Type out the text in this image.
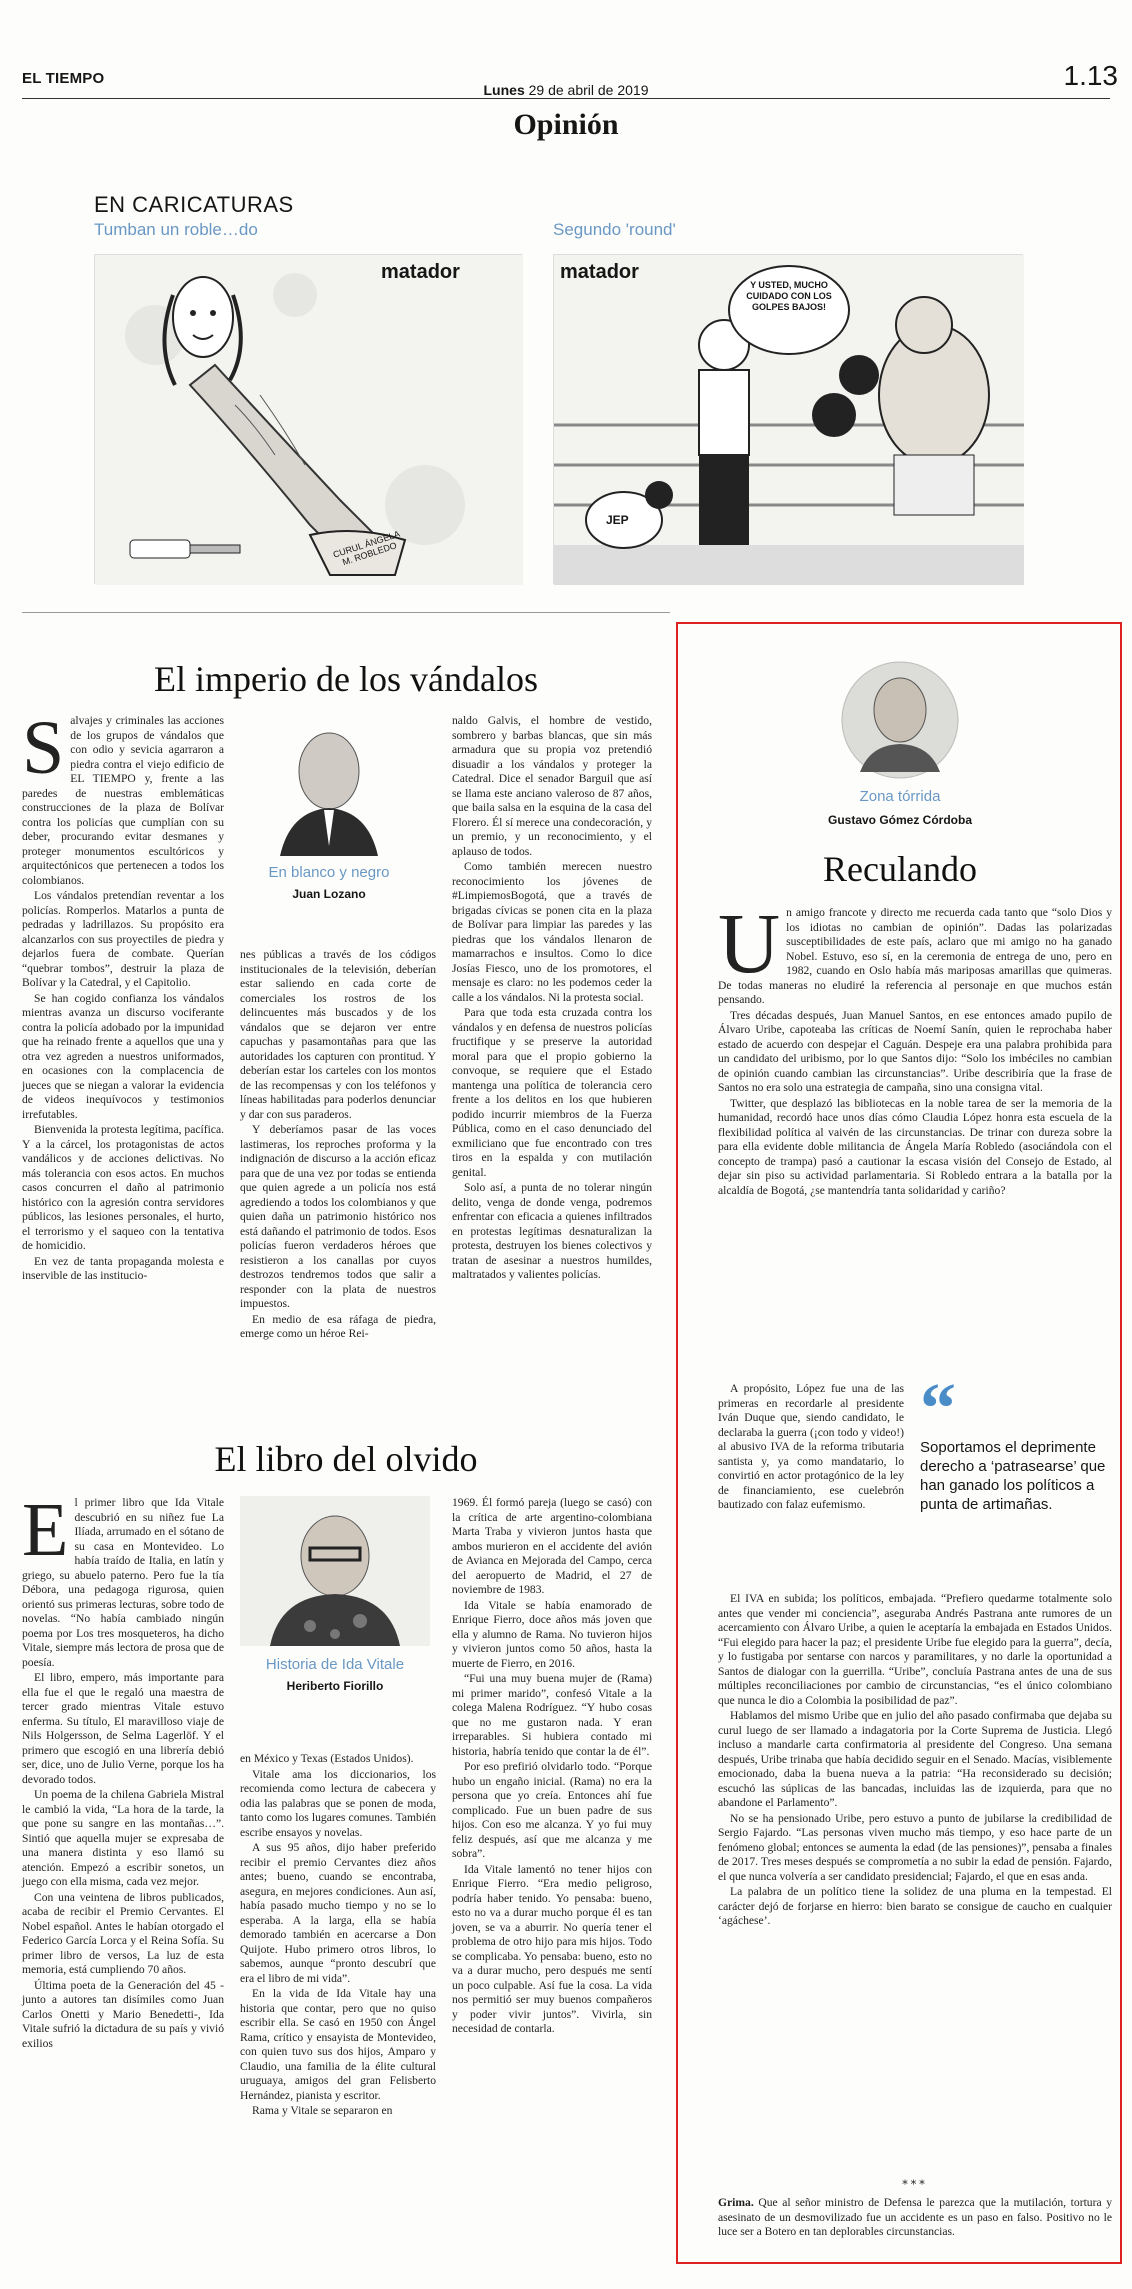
EL TIEMPO	1.13
Lunes 29 de abril de 2019
Opinión
EN CARICATURAS
Tumban un roble…do	Segundo 'round'
matador
CURUL ÁNGELA M. ROBLEDO
matador
Y USTED, MUCHO CUIDADO CON LOS GOLPES BAJOS!
JEP
El imperio de los vándalos

Salvajes y criminales las acciones de los grupos de vándalos que con odio y sevicia agarraron a piedra contra el viejo edificio de EL TIEMPO y, frente a las paredes de nuestras emblemáticas construcciones de la plaza de Bolívar contra los policías que cumplían con su deber, procurando evitar desmanes y proteger monumentos escultóricos y arquitectónicos que pertenecen a todos los colombianos.

Los vándalos pretendían reventar a los policías. Romperlos. Matarlos a punta de pedradas y ladrillazos. Su propósito era alcanzarlos con sus proyectiles de piedra y dejarlos fuera de combate. Querían “quebrar tombos”, destruir la plaza de Bolívar y la Catedral, y el Capitolio.

Se han cogido confianza los vándalos mientras avanza un discurso vociferante contra la policía adobado por la impunidad que ha reinado frente a aquellos que una y otra vez agreden a nuestros uniformados, en ocasiones con la complacencia de jueces que se niegan a valorar la evidencia de videos inequívocos y testimonios irrefutables.

Bienvenida la protesta legítima, pacífica. Y a la cárcel, los protagonistas de actos vandálicos y de acciones delictivas. No más tolerancia con esos actos. En muchos casos concurren el daño al patrimonio histórico con la agresión contra servidores públicos, las lesiones personales, el hurto, el terrorismo y el saqueo con la tentativa de homicidio.

En vez de tanta propaganda molesta e inservible de las institucio-

En blanco y negro
Juan Lozano

nes públicas a través de los códigos institucionales de la televisión, deberían estar saliendo en cada corte de comerciales los rostros de los delincuentes más buscados y de los vándalos que se dejaron ver entre capuchas y pasamontañas para que las autoridades los capturen con prontitud. Y deberían estar los carteles con los montos de las recompensas y con los teléfonos y líneas habilitadas para poderlos denunciar y dar con sus paraderos.

Y deberíamos pasar de las voces lastimeras, los reproches proforma y la indignación de discurso a la acción eficaz para que de una vez por todas se entienda que quien agrede a un policía nos está agrediendo a todos los colombianos y que quien daña un patrimonio histórico nos está dañando el patrimonio de todos. Esos policías fueron verdaderos héroes que resistieron a los canallas por cuyos destrozos tendremos todos que salir a responder con la plata de nuestros impuestos.

En medio de esa ráfaga de piedra, emerge como un héroe Rei-

naldo Galvis, el hombre de vestido, sombrero y barbas blancas, que sin más armadura que su propia voz pretendió disuadir a los vándalos y proteger la Catedral. Dice el senador Barguil que así se llama este anciano valeroso de 87 años, que baila salsa en la esquina de la casa del Florero. Él sí merece una condecoración, y un premio, y un reconocimiento, y el aplauso de todos.

Como también merecen nuestro reconocimiento los jóvenes de #LimpiemosBogotá, que a través de brigadas cívicas se ponen cita en la plaza de Bolívar para limpiar las paredes y las piedras que los vándalos llenaron de mamarrachos e insultos. Como lo dice Josías Fiesco, uno de los promotores, el mensaje es claro: no les podemos ceder la calle a los vándalos. Ni la protesta social.

Para que toda esta cruzada contra los vándalos y en defensa de nuestros policías fructifique y se preserve la autoridad moral para que el propio gobierno la convoque, se requiere que el Estado mantenga una política de tolerancia cero frente a los delitos en los que hubieren podido incurrir miembros de la Fuerza Pública, como en el caso denunciado del exmiliciano que fue encontrado con tres tiros en la espalda y con mutilación genital.

Solo así, a punta de no tolerar ningún delito, venga de donde venga, podremos enfrentar con eficacia a quienes infiltrados en protestas legítimas desnaturalizan la protesta, destruyen los bienes colectivos y tratan de asesinar a nuestros humildes, maltratados y valientes policías.

El libro del olvido

El primer libro que Ida Vitale descubrió en su niñez fue La Ilíada, arrumado en el sótano de su casa en Montevideo. Lo había traído de Italia, en latín y griego, su abuelo paterno. Pero fue la tía Débora, una pedagoga rigurosa, quien orientó sus primeras lecturas, sobre todo de novelas. “No había cambiado ningún poema por Los tres mosqueteros, ha dicho Vitale, siempre más lectora de prosa que de poesía.

El libro, empero, más importante para ella fue el que le regaló una maestra de tercer grado mientras Vitale estuvo enferma. Su título, El maravilloso viaje de Nils Holgersson, de Selma Lagerlöf. Y el primero que escogió en una librería debió ser, dice, uno de Julio Verne, porque los ha devorado todos.

Un poema de la chilena Gabriela Mistral le cambió la vida, “La hora de la tarde, la que pone su sangre en las montañas…”. Sintió que aquella mujer se expresaba de una manera distinta y eso llamó su atención. Empezó a escribir sonetos, un juego con ella misma, cada vez mejor.

Con una veintena de libros publicados, acaba de recibir el Premio Cervantes. El Nobel español. Antes le habían otorgado el Federico García Lorca y el Reina Sofía. Su primer libro de versos, La luz de esta memoria, está cumpliendo 70 años.

Última poeta de la Generación del 45 -junto a autores tan disímiles como Juan Carlos Onetti y Mario Benedetti-, Ida Vitale sufrió la dictadura de su país y vivió exilios

Historia de Ida Vitale
Heriberto Fiorillo

en México y Texas (Estados Unidos).

Vitale ama los diccionarios, los recomienda como lectura de cabecera y odia las palabras que se ponen de moda, tanto como los lugares comunes. También escribe ensayos y novelas.

A sus 95 años, dijo haber preferido recibir el premio Cervantes diez años antes; bueno, cuando se encontraba, asegura, en mejores condiciones. Aun así, había pasado mucho tiempo y no se lo esperaba. A la larga, ella se había demorado también en acercarse a Don Quijote. Hubo primero otros libros, lo sabemos, aunque “pronto descubrí que era el libro de mi vida”.

En la vida de Ida Vitale hay una historia que contar, pero que no quiso escribir ella. Se casó en 1950 con Ángel Rama, crítico y ensayista de Montevideo, con quien tuvo sus dos hijos, Amparo y Claudio, una familia de la élite cultural uruguaya, amigos del gran Felisberto Hernández, pianista y escritor.

Rama y Vitale se separaron en

1969. Él formó pareja (luego se casó) con la crítica de arte argentino-colombiana Marta Traba y vivieron juntos hasta que ambos murieron en el accidente del avión de Avianca en Mejorada del Campo, cerca del aeropuerto de Madrid, el 27 de noviembre de 1983.

Ida Vitale se había enamorado de Enrique Fierro, doce años más joven que ella y alumno de Rama. No tuvieron hijos y vivieron juntos como 50 años, hasta la muerte de Fierro, en 2016.

“Fui una muy buena mujer de (Rama) mi primer marido”, confesó Vitale a la colega Malena Rodríguez. “Y hubo cosas que no me gustaron nada. Y eran irreparables. Si hubiera contado mi historia, habría tenido que contar la de él”.

Por eso prefirió olvidarlo todo. “Porque hubo un engaño inicial. (Rama) no era la persona que yo creía. Entonces ahí fue complicado. Fue un buen padre de sus hijos. Con eso me alcanza. Y yo fui muy feliz después, así que me alcanza y me sobra”.

Ida Vitale lamentó no tener hijos con Enrique Fierro. “Era medio peligroso, podría haber tenido. Yo pensaba: bueno, esto no va a durar mucho porque él es tan joven, se va a aburrir. No quería tener el problema de otro hijo para mis hijos. Todo se complicaba. Yo pensaba: bueno, esto no va a durar mucho, pero después me sentí un poco culpable. Así fue la cosa. La vida nos permitió ser muy buenos compañeros y poder vivir juntos”. Vivirla, sin necesidad de contarla.

Zona tórrida
Gustavo Gómez Córdoba
Reculando

Un amigo francote y directo me recuerda cada tanto que “solo Dios y los idiotas no cambian de opinión”. Dadas las polarizadas susceptibilidades de este país, aclaro que mi amigo no ha ganado Nobel. Estuvo, eso sí, en la ceremonia de entrega de uno, pero en 1982, cuando en Oslo había más mariposas amarillas que quimeras. De todas maneras no eludiré la referencia al personaje en que muchos están pensando.

Tres décadas después, Juan Manuel Santos, en ese entonces amado pupilo de Álvaro Uribe, capoteaba las críticas de Noemí Sanín, quien le reprochaba haber estado de acuerdo con despejar el Caguán. Despeje era una palabra prohibida para un candidato del uribismo, por lo que Santos dijo: “Solo los imbéciles no cambian de opinión cuando cambian las circunstancias”. Uribe describiría que la frase de Santos no era solo una estrategia de campaña, sino una consigna vital.

Twitter, que desplazó las bibliotecas en la noble tarea de ser la memoria de la humanidad, recordó hace unos días cómo Claudia López honra esta escuela de la flexibilidad política al vaivén de las circunstancias. De trinar con dureza sobre la para ella evidente doble militancia de Ángela María Robledo (asociándola con el concepto de trampa) pasó a cautionar la escasa visión del Consejo de Estado, al dejar sin piso su actividad parlamentaria. Si Robledo entrara a la batalla por la alcaldía de Bogotá, ¿se mantendría tanta solidaridad y cariño?

A propósito, López fue una de las primeras en recordarle al presidente Iván Duque que, siendo candidato, le declaraba la guerra (¡con todo y video!) al abusivo IVA de la reforma tributaria santista y, ya como mandatario, lo convirtió en actor protagónico de la ley de financiamiento, ese cuelebrón bautizado con falaz eufemismo.

“
Soportamos el deprimente derecho a ‘patrasearse’ que han ganado los políticos a punta de artimañas.

El IVA en subida; los políticos, embajada. “Prefiero quedarme totalmente solo antes que vender mi conciencia”, aseguraba Andrés Pastrana ante rumores de un acercamiento con Álvaro Uribe, a quien le aceptaría la embajada en Estados Unidos. “Fui elegido para hacer la paz; el presidente Uribe fue elegido para la guerra”, decía, y lo fustigaba por sentarse con narcos y paramilitares, y no darle la oportunidad a Santos de dialogar con la guerrilla. “Uribe”, concluía Pastrana antes de una de sus múltiples reconciliaciones por cambio de circunstancias, “es el único colombiano que nunca le dio a Colombia la posibilidad de paz”.

Hablamos del mismo Uribe que en julio del año pasado confirmaba que dejaba su curul luego de ser llamado a indagatoria por la Corte Suprema de Justicia. Llegó incluso a mandarle carta confirmatoria al presidente del Congreso. Una semana después, Uribe trinaba que había decidido seguir en el Senado. Macías, visiblemente emocionado, daba la buena nueva a la patria: “Ha reconsiderado su decisión; escuchó las súplicas de las bancadas, incluidas las de izquierda, para que no abandone el Parlamento”.

No se ha pensionado Uribe, pero estuvo a punto de jubilarse la credibilidad de Sergio Fajardo. “Las personas viven mucho más tiempo, y eso hace parte de un fenómeno global; entonces se aumenta la edad (de las pensiones)”, pensaba a finales de 2017. Tres meses después se comprometía a no subir la edad de pensión. Fajardo, el que nunca volvería a ser candidato presidencial; Fajardo, el que en esas anda.

La palabra de un político tiene la solidez de una pluma en la tempestad. El carácter dejó de forjarse en hierro: bien barato se consigue de caucho en cualquier ‘agáchese’.

***

Grima. Que al señor ministro de Defensa le parezca que la mutilación, tortura y asesinato de un desmovilizado fue un accidente es un paso en falso. Positivo no le luce ser a Botero en tan deplorables circunstancias.
